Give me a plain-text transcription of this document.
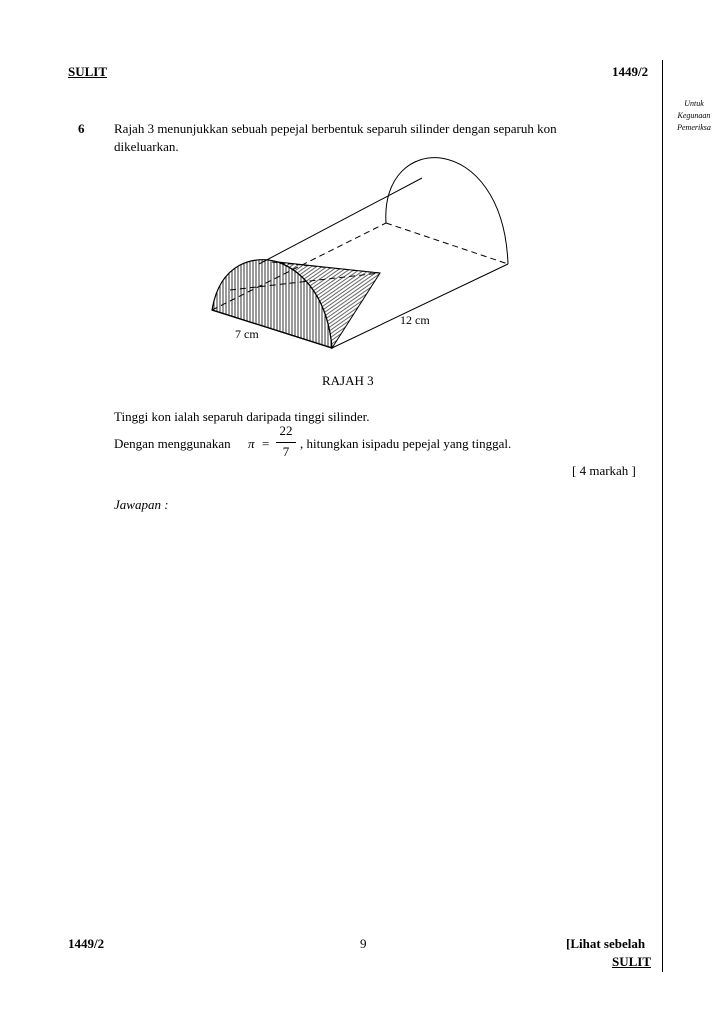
SULIT	1449/2
Untuk
Kegunaan
Pemeriksa
6 Rajah 3 menunjukkan sebuah pepejal berbentuk separuh silinder dengan separuh kon
dikeluarkan.
12 cm
7 cm
RAJAH 3
Tinggi kon ialah separuh daripada tinggi silinder.
Dengan menggunakan π =
22
7
, hitungkan isipadu pepejal yang tinggal.
[ 4 markah ]
Jawapan :
1449/2	9	[Lihat sebelah
SULIT
